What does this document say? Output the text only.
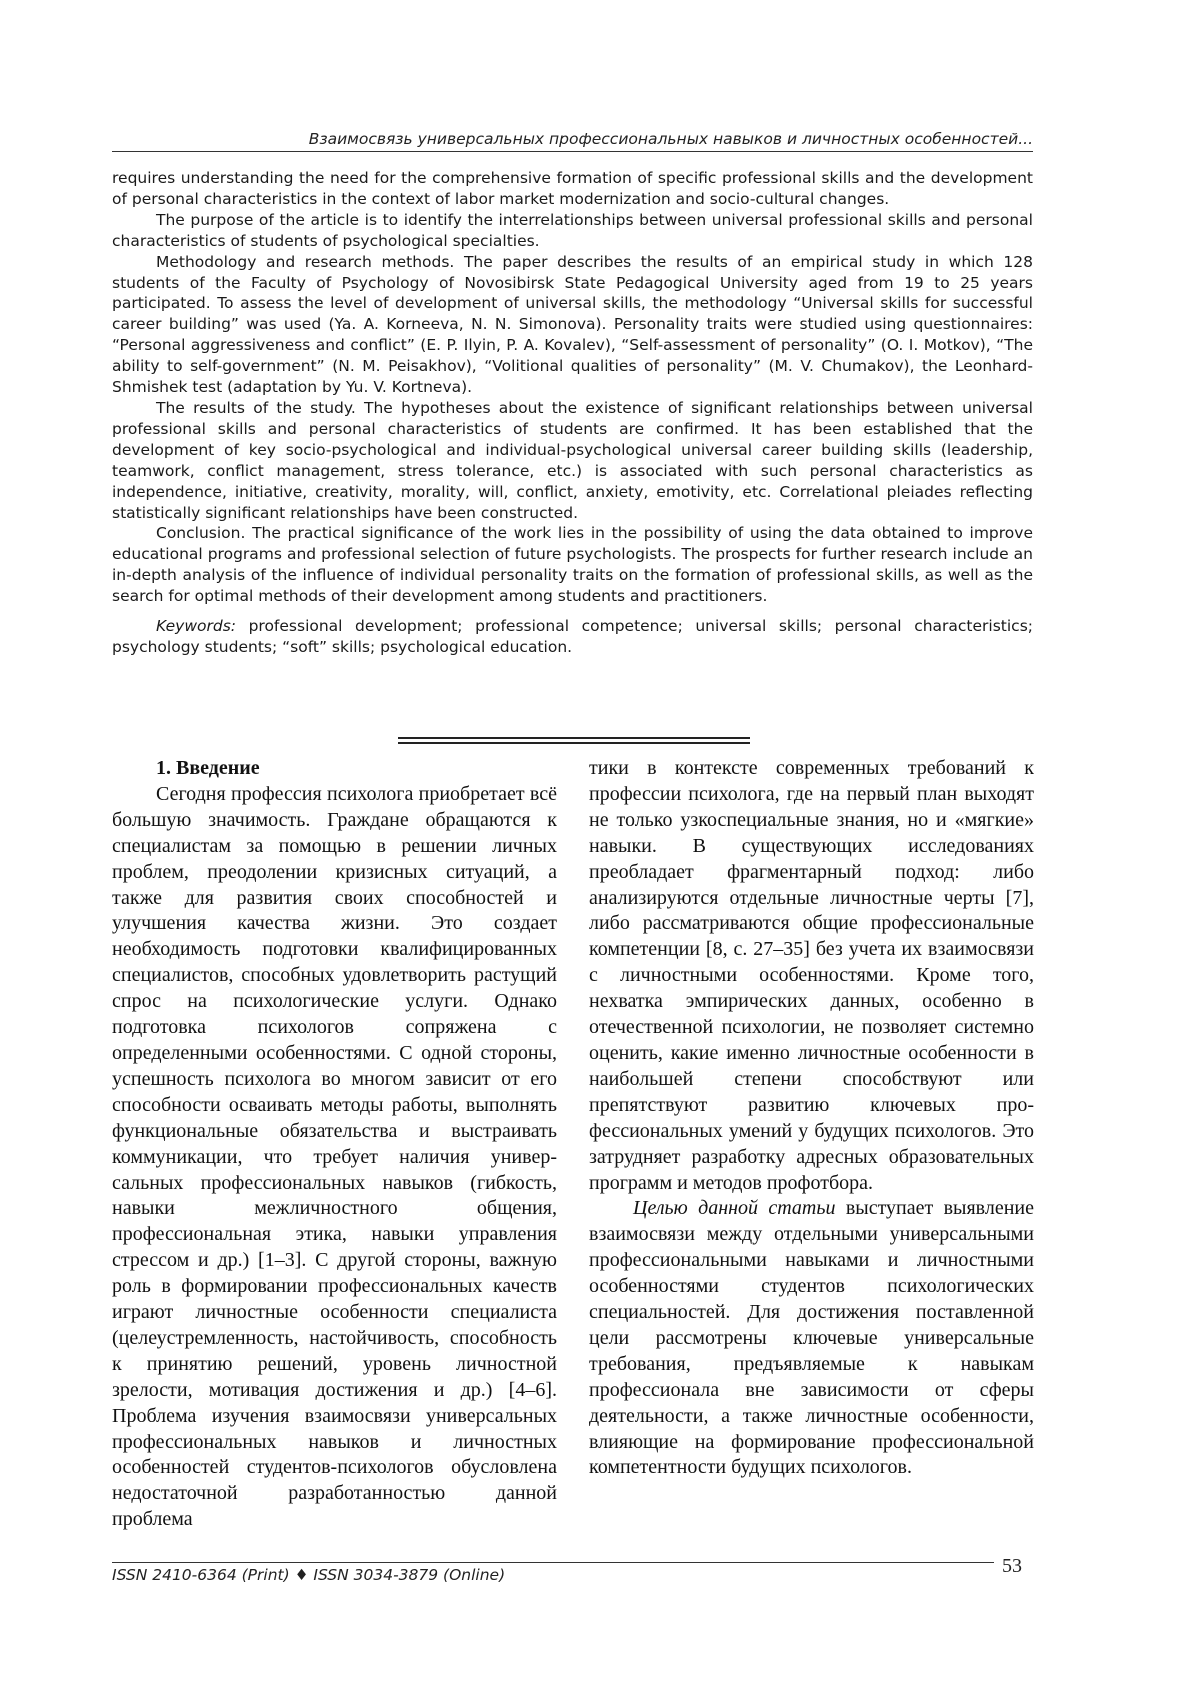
Взаимосвязь универсальных профессиональных навыков и личностных особенностей...

requires understanding the need for the comprehensive formation of specific professional skills and the development of personal characteristics in the context of labor market modernization and socio-cultural changes.

The purpose of the article is to identify the interrelationships between universal professional skills and personal characteristics of students of psychological specialties.

Methodology and research methods. The paper describes the results of an empirical study in which 128 students of the Faculty of Psychology of Novosibirsk State Pedagogical University aged from 19 to 25 years participated. To assess the level of development of universal skills, the methodology “Universal skills for successful career building” was used (Ya. A. Korneeva, N. N. Simonova). Personality traits were studied using questionnaires: “Personal aggressiveness and conflict” (E. P. Ilyin, P. A. Kovalev), “Self-assessment of personality” (O. I. Motkov), “The ability to self-government” (N. M. Peisakhov), “Volitional qualities of personality” (M. V. Chumakov), the Leonhard-Shmishek test (adaptation by Yu. V. Kortneva).

The results of the study. The hypotheses about the existence of significant relationships between universal professional skills and personal characteristics of students are confirmed. It has been established that the development of key socio-psychological and individual-psychological universal career building skills (leadership, teamwork, conflict management, stress tolerance, etc.) is associated with such personal characteristics as independence, initiative, creativity, morality, will, conflict, anxiety, emotivity, etc. Correlational pleiades reflecting statistically significant relationships have been constructed.

Conclusion. The practical significance of the work lies in the possibility of using the data obtained to improve educational programs and professional selection of future psychologists. The prospects for further research include an in-depth analysis of the influence of individual personality traits on the formation of professional skills, as well as the search for optimal methods of their development among students and practitioners.

Keywords: professional development; professional competence; universal skills; personal characteristics; psychology students; “soft” skills; psychological education.

1. Введение

Сегодня профессия психолога приобретает всё большую значимость. Граждане обращаются к специалистам за помощью в решении личных проблем, преодолении кризисных ситуаций, а также для развития своих способностей и улучшения качества жизни. Это создает необходимость подготовки квалифицированных специалистов, способных удовлетворить растущий спрос на психологические услуги. Однако подготовка психологов сопряжена с определенными особенностями. С одной стороны, успешность психолога во многом зависит от его способности осваивать методы работы, выполнять функциональные обязательства и выстраивать коммуникации, что требует наличия универсальных профессиональных навыков (гибкость, навыки межличностного общения, профессиональная этика, навыки управления стрессом и др.) [1–3]. С другой стороны, важную роль в формировании профессиональных качеств играют личностные особенности специалиста (целеустремленность, настойчивость, способность к принятию решений, уровень личностной зрелости, мотивация достижения и др.) [4–6]. Проблема изучения взаимосвязи универсальных профессиональных навыков и личностных особенностей студентов-психологов обусловлена недостаточной разработанностью данной проблема

тики в контексте современных требований к профессии психолога, где на первый план выходят не только узкоспециальные знания, но и «мягкие» навыки. В существующих исследованиях преобладает фрагментарный подход: либо анализируются отдельные личностные черты [7], либо рассматриваются общие профессиональные компетенции [8, с. 27–35] без учета их взаимосвязи с личностными особенностями. Кроме того, нехватка эмпирических данных, особенно в отечественной психологии, не позволяет системно оценить, какие именно личностные особенности в наибольшей степени способствуют или препятствуют развитию ключевых профессиональных умений у будущих психологов. Это затрудняет разработку адресных образовательных программ и методов профотбора.

Целью данной статьи выступает выявление взаимосвязи между отдельными универсальными профессиональными навыками и личностными особенностями студентов психологических специальностей. Для достижения поставленной цели рассмотрены ключевые универсальные требования, предъявляемые к навыкам профессионала вне зависимости от сферы деятельности, а также личностные особенности, влияющие на формирование профессиональной компетентности будущих психологов.

ISSN 2410-6364 (Print) ♦ ISSN 3034-3879 (Online)	53
